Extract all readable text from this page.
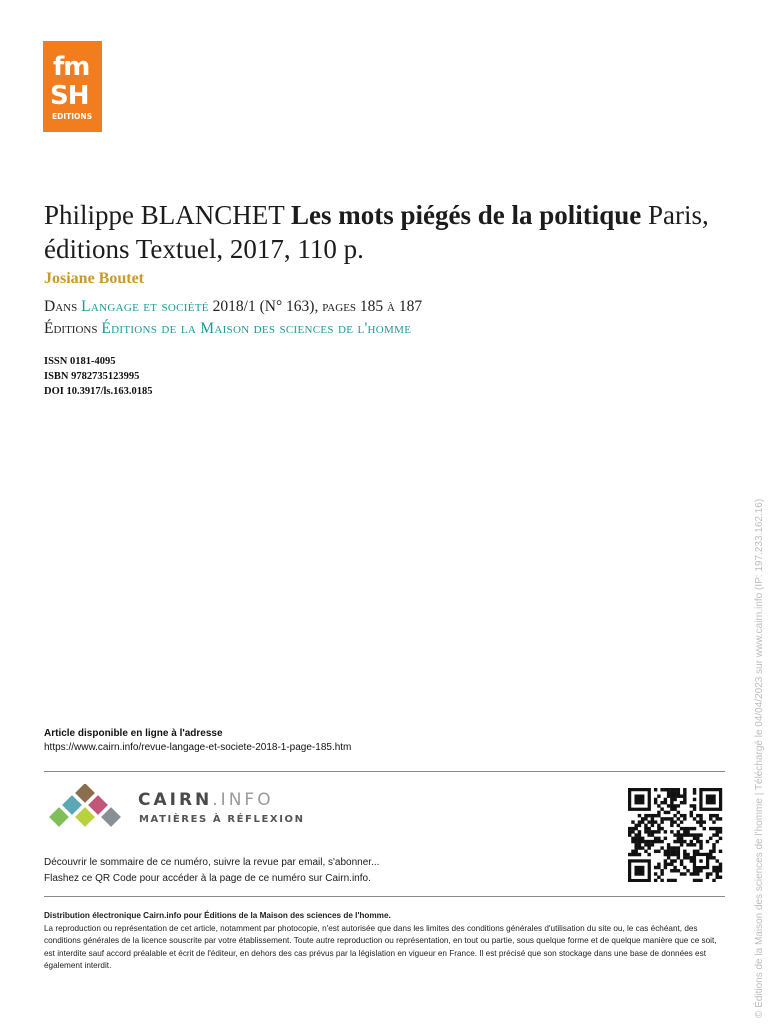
fm
SH
EDITIONS
Philippe BLANCHET Les mots piégés de la politique Paris, éditions Textuel, 2017, 110 p.
Josiane Boutet
Dans Langage et société 2018/1 (N° 163), pages 185 à 187
Éditions Éditions de la Maison des sciences de l'homme
ISSN 0181-4095
ISBN 9782735123995
DOI 10.3917/ls.163.0185
Article disponible en ligne à l'adresse
https://www.cairn.info/revue-langage-et-societe-2018-1-page-185.htm
CAIRN.INFO
MATIÈRES À RÉFLEXION
Découvrir le sommaire de ce numéro, suivre la revue par email, s'abonner...
Flashez ce QR Code pour accéder à la page de ce numéro sur Cairn.info.
Distribution électronique Cairn.info pour Éditions de la Maison des sciences de l'homme.
La reproduction ou représentation de cet article, notamment par photocopie, n'est autorisée que dans les limites des conditions générales d'utilisation du site ou, le cas échéant, des conditions générales de la licence souscrite par votre établissement. Toute autre reproduction ou représentation, en tout ou partie, sous quelque forme et de quelque manière que ce soit, est interdite sauf accord préalable et écrit de l'éditeur, en dehors des cas prévus par la législation en vigueur en France. Il est précisé que son stockage dans une base de données est également interdit.	© Éditions de la Maison des sciences de l'homme | Téléchargé le 04/04/2023 sur www.cairn.info (IP: 197.233.162.16)
